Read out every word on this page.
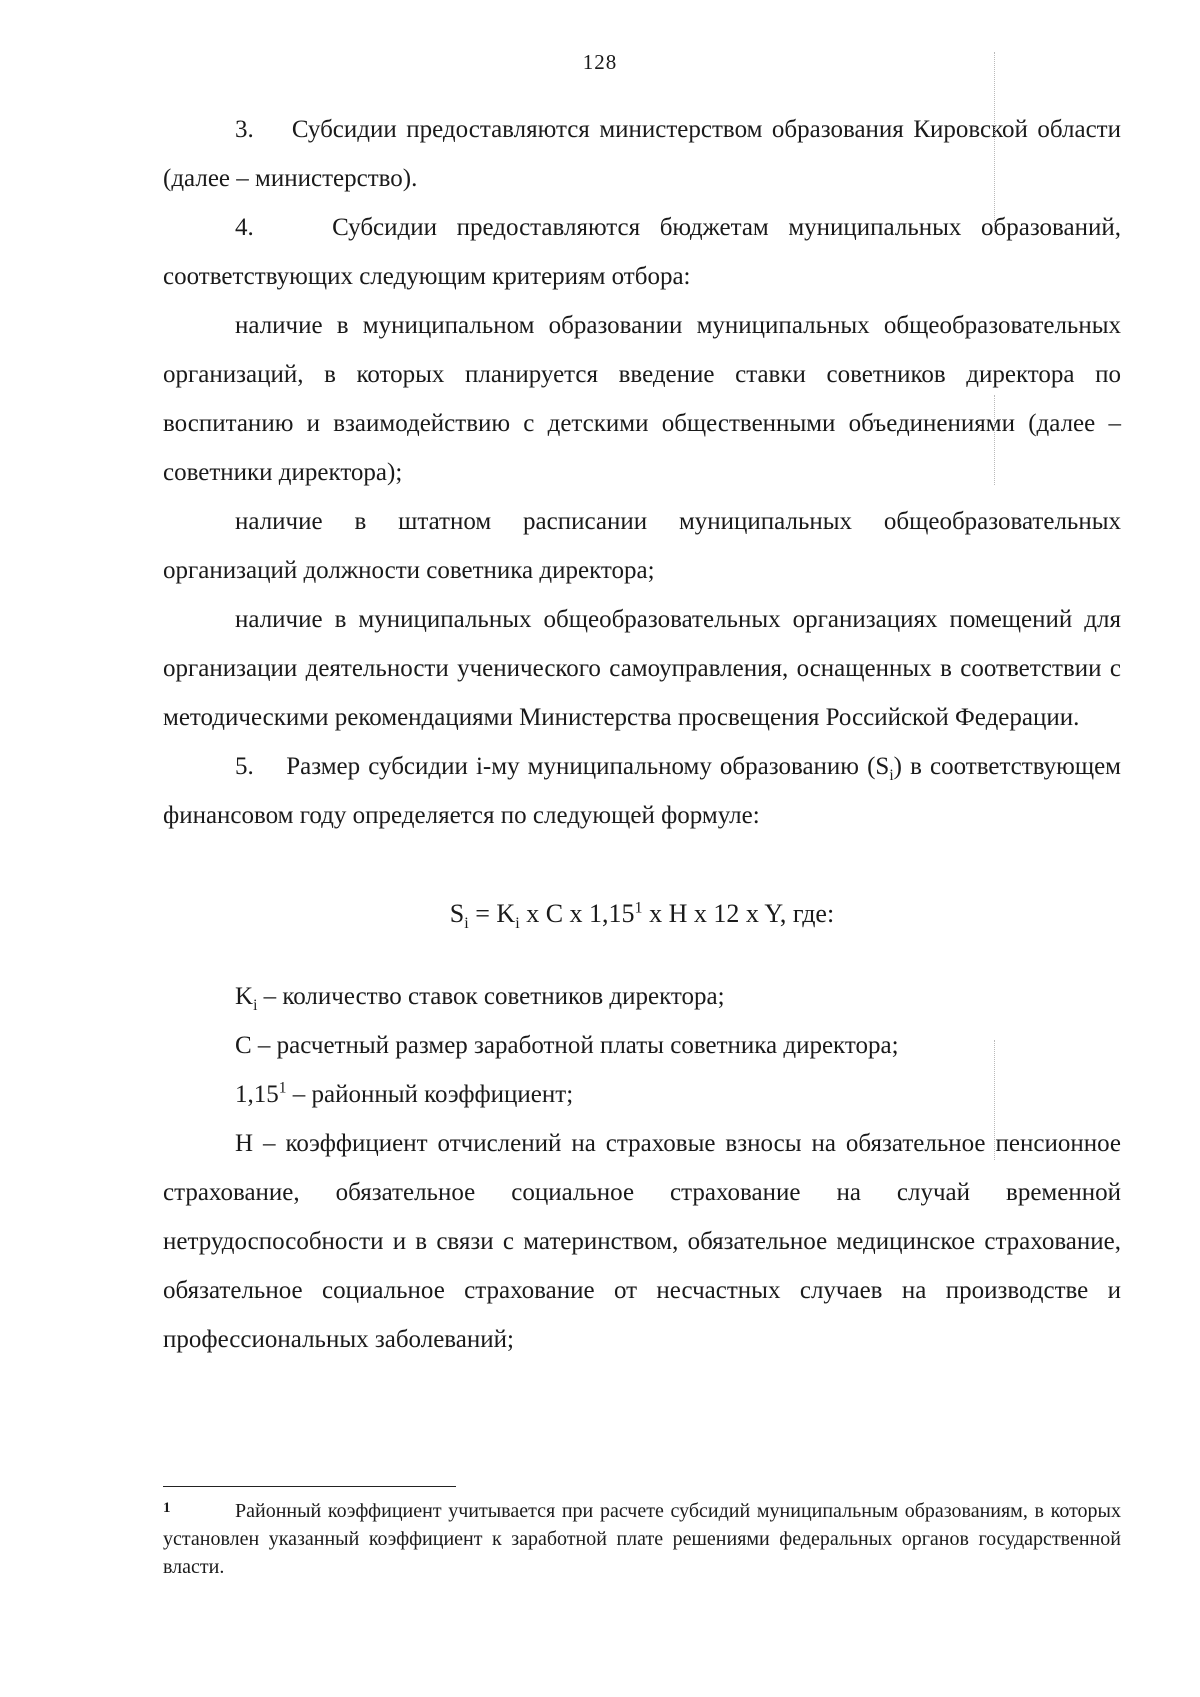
128

3.    Субсидии предоставляются министерством образования Кировской области (далее – министерство).

4.    Субсидии предоставляются бюджетам муниципальных образований, соответствующих следующим критериям отбора:

наличие в муниципальном образовании муниципальных общеобразовательных организаций, в которых планируется введение ставки советников директора по воспитанию и взаимодействию с детскими общественными объединениями (далее – советники директора);

наличие в штатном расписании муниципальных общеобразовательных организаций должности советника директора;

наличие в муниципальных общеобразовательных организациях помещений для организации деятельности ученического самоуправления, оснащенных в соответствии с методическими рекомендациями Министерства просвещения Российской Федерации.

5.    Размер субсидии i-му муниципальному образованию $(S_i)$ в соответствующем финансовом году определяется по следующей формуле:

$S_i = K_i$ x C x 1,15$^1$ x H x 12 x Y, где:

$K_i$ – количество ставок советников директора;

C – расчетный размер заработной платы советника директора;

1,15$^1$ – районный коэффициент;

H – коэффициент отчислений на страховые взносы на обязательное пенсионное страхование, обязательное социальное страхование на случай временной нетрудоспособности и в связи с материнством, обязательное медицинское страхование, обязательное социальное страхование от несчастных случаев на производстве и профессиональных заболеваний;

1	Районный коэффициент учитывается при расчете субсидий муниципальным образованиям, в которых установлен указанный коэффициент к заработной плате решениями федеральных органов государственной власти.
